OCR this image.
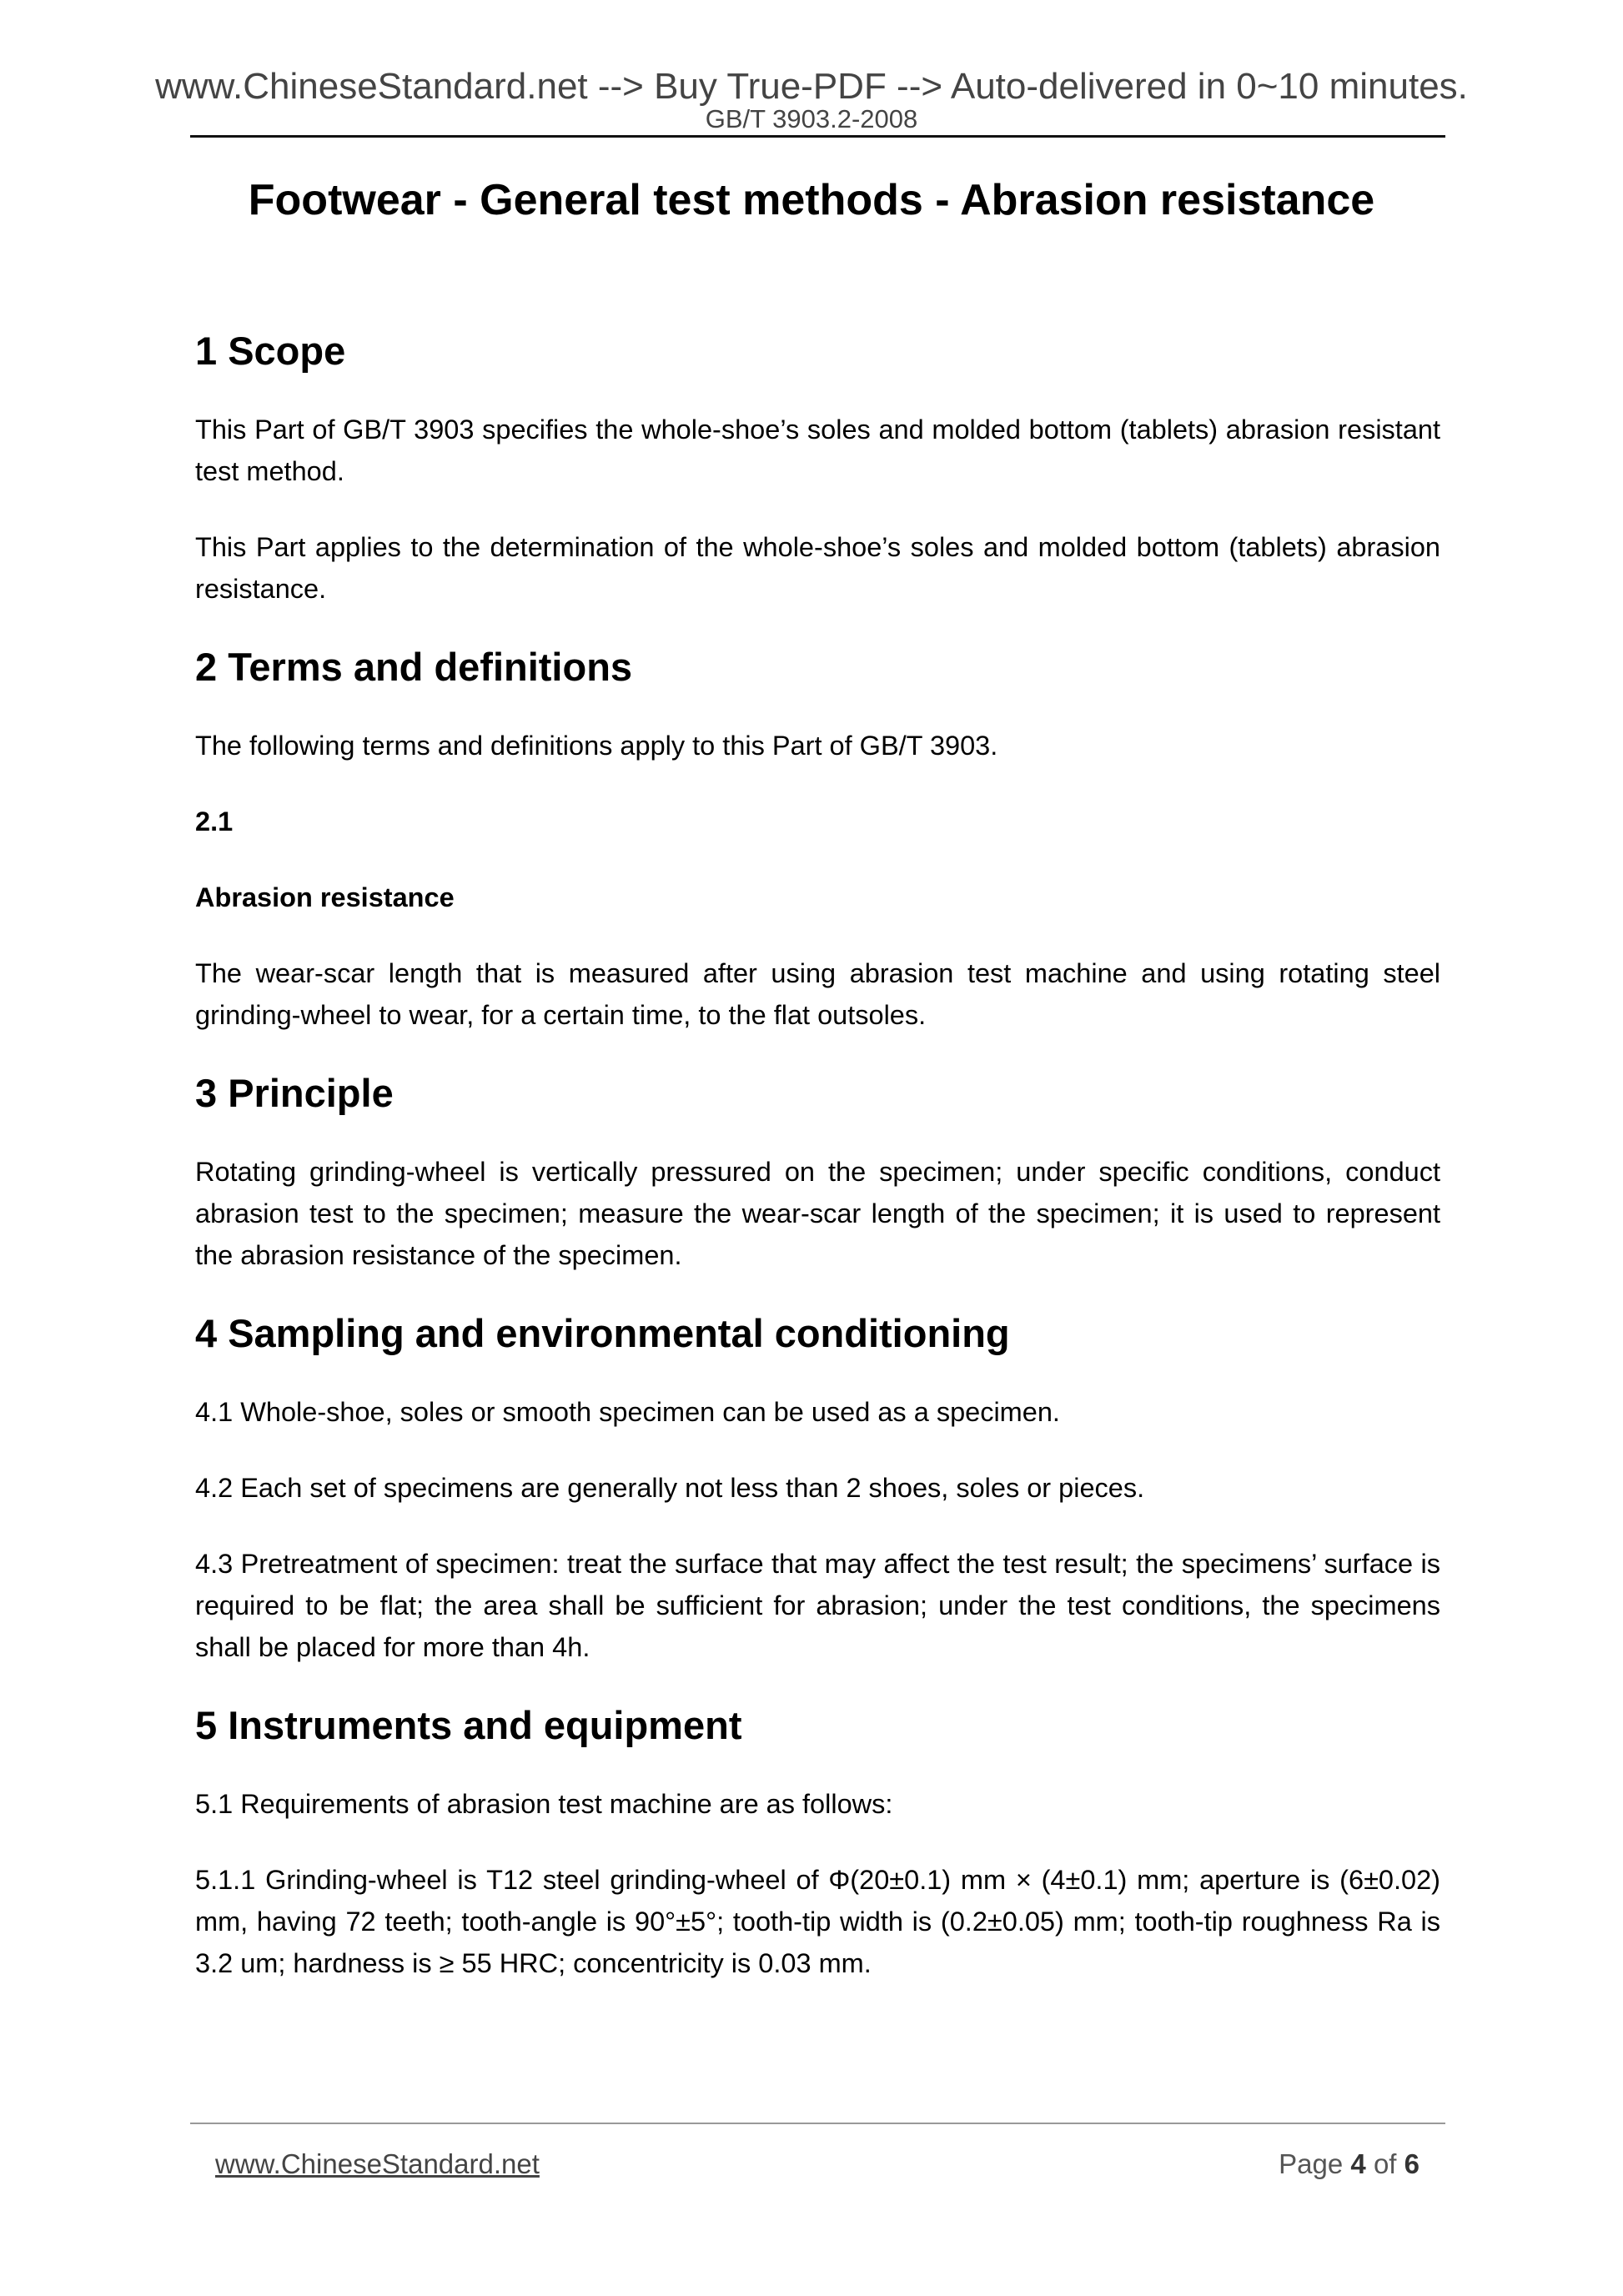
www.ChineseStandard.net --> Buy True-PDF --> Auto-delivered in 0~10 minutes.
GB/T 3903.2-2008
Footwear - General test methods - Abrasion resistance
1 Scope
This Part of GB/T 3903 specifies the whole-shoe’s soles and molded bottom (tablets) abrasion resistant test method.
This Part applies to the determination of the whole-shoe’s soles and molded bottom (tablets) abrasion resistance.
2 Terms and definitions
The following terms and definitions apply to this Part of GB/T 3903.
2.1
Abrasion resistance
The wear-scar length that is measured after using abrasion test machine and using rotating steel grinding-wheel to wear, for a certain time, to the flat outsoles.
3 Principle
Rotating grinding-wheel is vertically pressured on the specimen; under specific conditions, conduct abrasion test to the specimen; measure the wear-scar length of the specimen; it is used to represent the abrasion resistance of the specimen.
4 Sampling and environmental conditioning
4.1 Whole-shoe, soles or smooth specimen can be used as a specimen.
4.2 Each set of specimens are generally not less than 2 shoes, soles or pieces.
4.3 Pretreatment of specimen: treat the surface that may affect the test result; the specimens’ surface is required to be flat; the area shall be sufficient for abrasion; under the test conditions, the specimens shall be placed for more than 4h.
5 Instruments and equipment
5.1 Requirements of abrasion test machine are as follows:
5.1.1 Grinding-wheel is T12 steel grinding-wheel of Φ(20±0.1) mm × (4±0.1) mm; aperture is (6±0.02) mm, having 72 teeth; tooth-angle is 90°±5°; tooth-tip width is (0.2±0.05) mm; tooth-tip roughness Ra is 3.2 um; hardness is ≥ 55 HRC; concentricity is 0.03 mm.
www.ChineseStandard.net	Page 4 of 6
